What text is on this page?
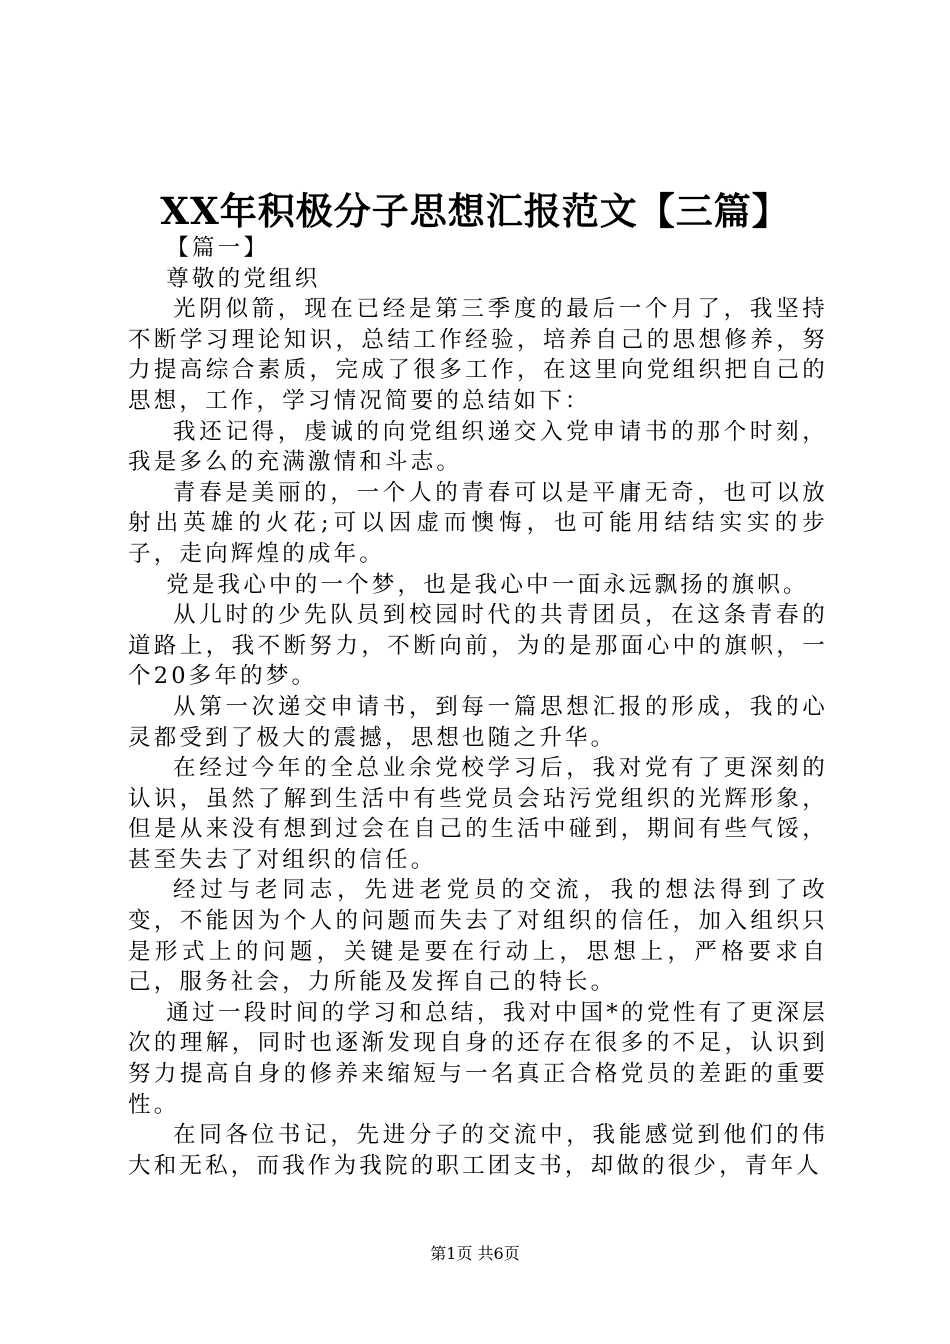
XX年积极分子思想汇报范文【三篇】

【篇一】

尊敬的党组织

光阴似箭，现在已经是第三季度的最后一个月了，我坚持不断学习理论知识，总结工作经验，培养自己的思想修养，努力提高综合素质，完成了很多工作，在这里向党组织把自己的思想，工作，学习情况简要的总结如下：

我还记得，虔诚的向党组织递交入党申请书的那个时刻，我是多么的充满激情和斗志。

青春是美丽的，一个人的青春可以是平庸无奇，也可以放射出英雄的火花;可以因虚而懊悔，也可能用结结实实的步子，走向辉煌的成年。

党是我心中的一个梦，也是我心中一面永远飘扬的旗帜。

从儿时的少先队员到校园时代的共青团员，在这条青春的道路上，我不断努力，不断向前，为的是那面心中的旗帜，一个20多年的梦。

从第一次递交申请书，到每一篇思想汇报的形成，我的心灵都受到了极大的震撼，思想也随之升华。

在经过今年的全总业余党校学习后，我对党有了更深刻的认识，虽然了解到生活中有些党员会玷污党组织的光辉形象，但是从来没有想到过会在自己的生活中碰到，期间有些气馁，甚至失去了对组织的信任。

经过与老同志，先进老党员的交流，我的想法得到了改变，不能因为个人的问题而失去了对组织的信任，加入组织只是形式上的问题，关键是要在行动上，思想上，严格要求自己，服务社会，力所能及发挥自己的特长。

通过一段时间的学习和总结，我对中国*的党性有了更深层次的理解，同时也逐渐发现自身的还存在很多的不足，认识到努力提高自身的修养来缩短与一名真正合格党员的差距的重要性。

在同各位书记，先进分子的交流中，我能感觉到他们的伟大和无私，而我作为我院的职工团支书，却做的很少，青年人

第1页 共6页
